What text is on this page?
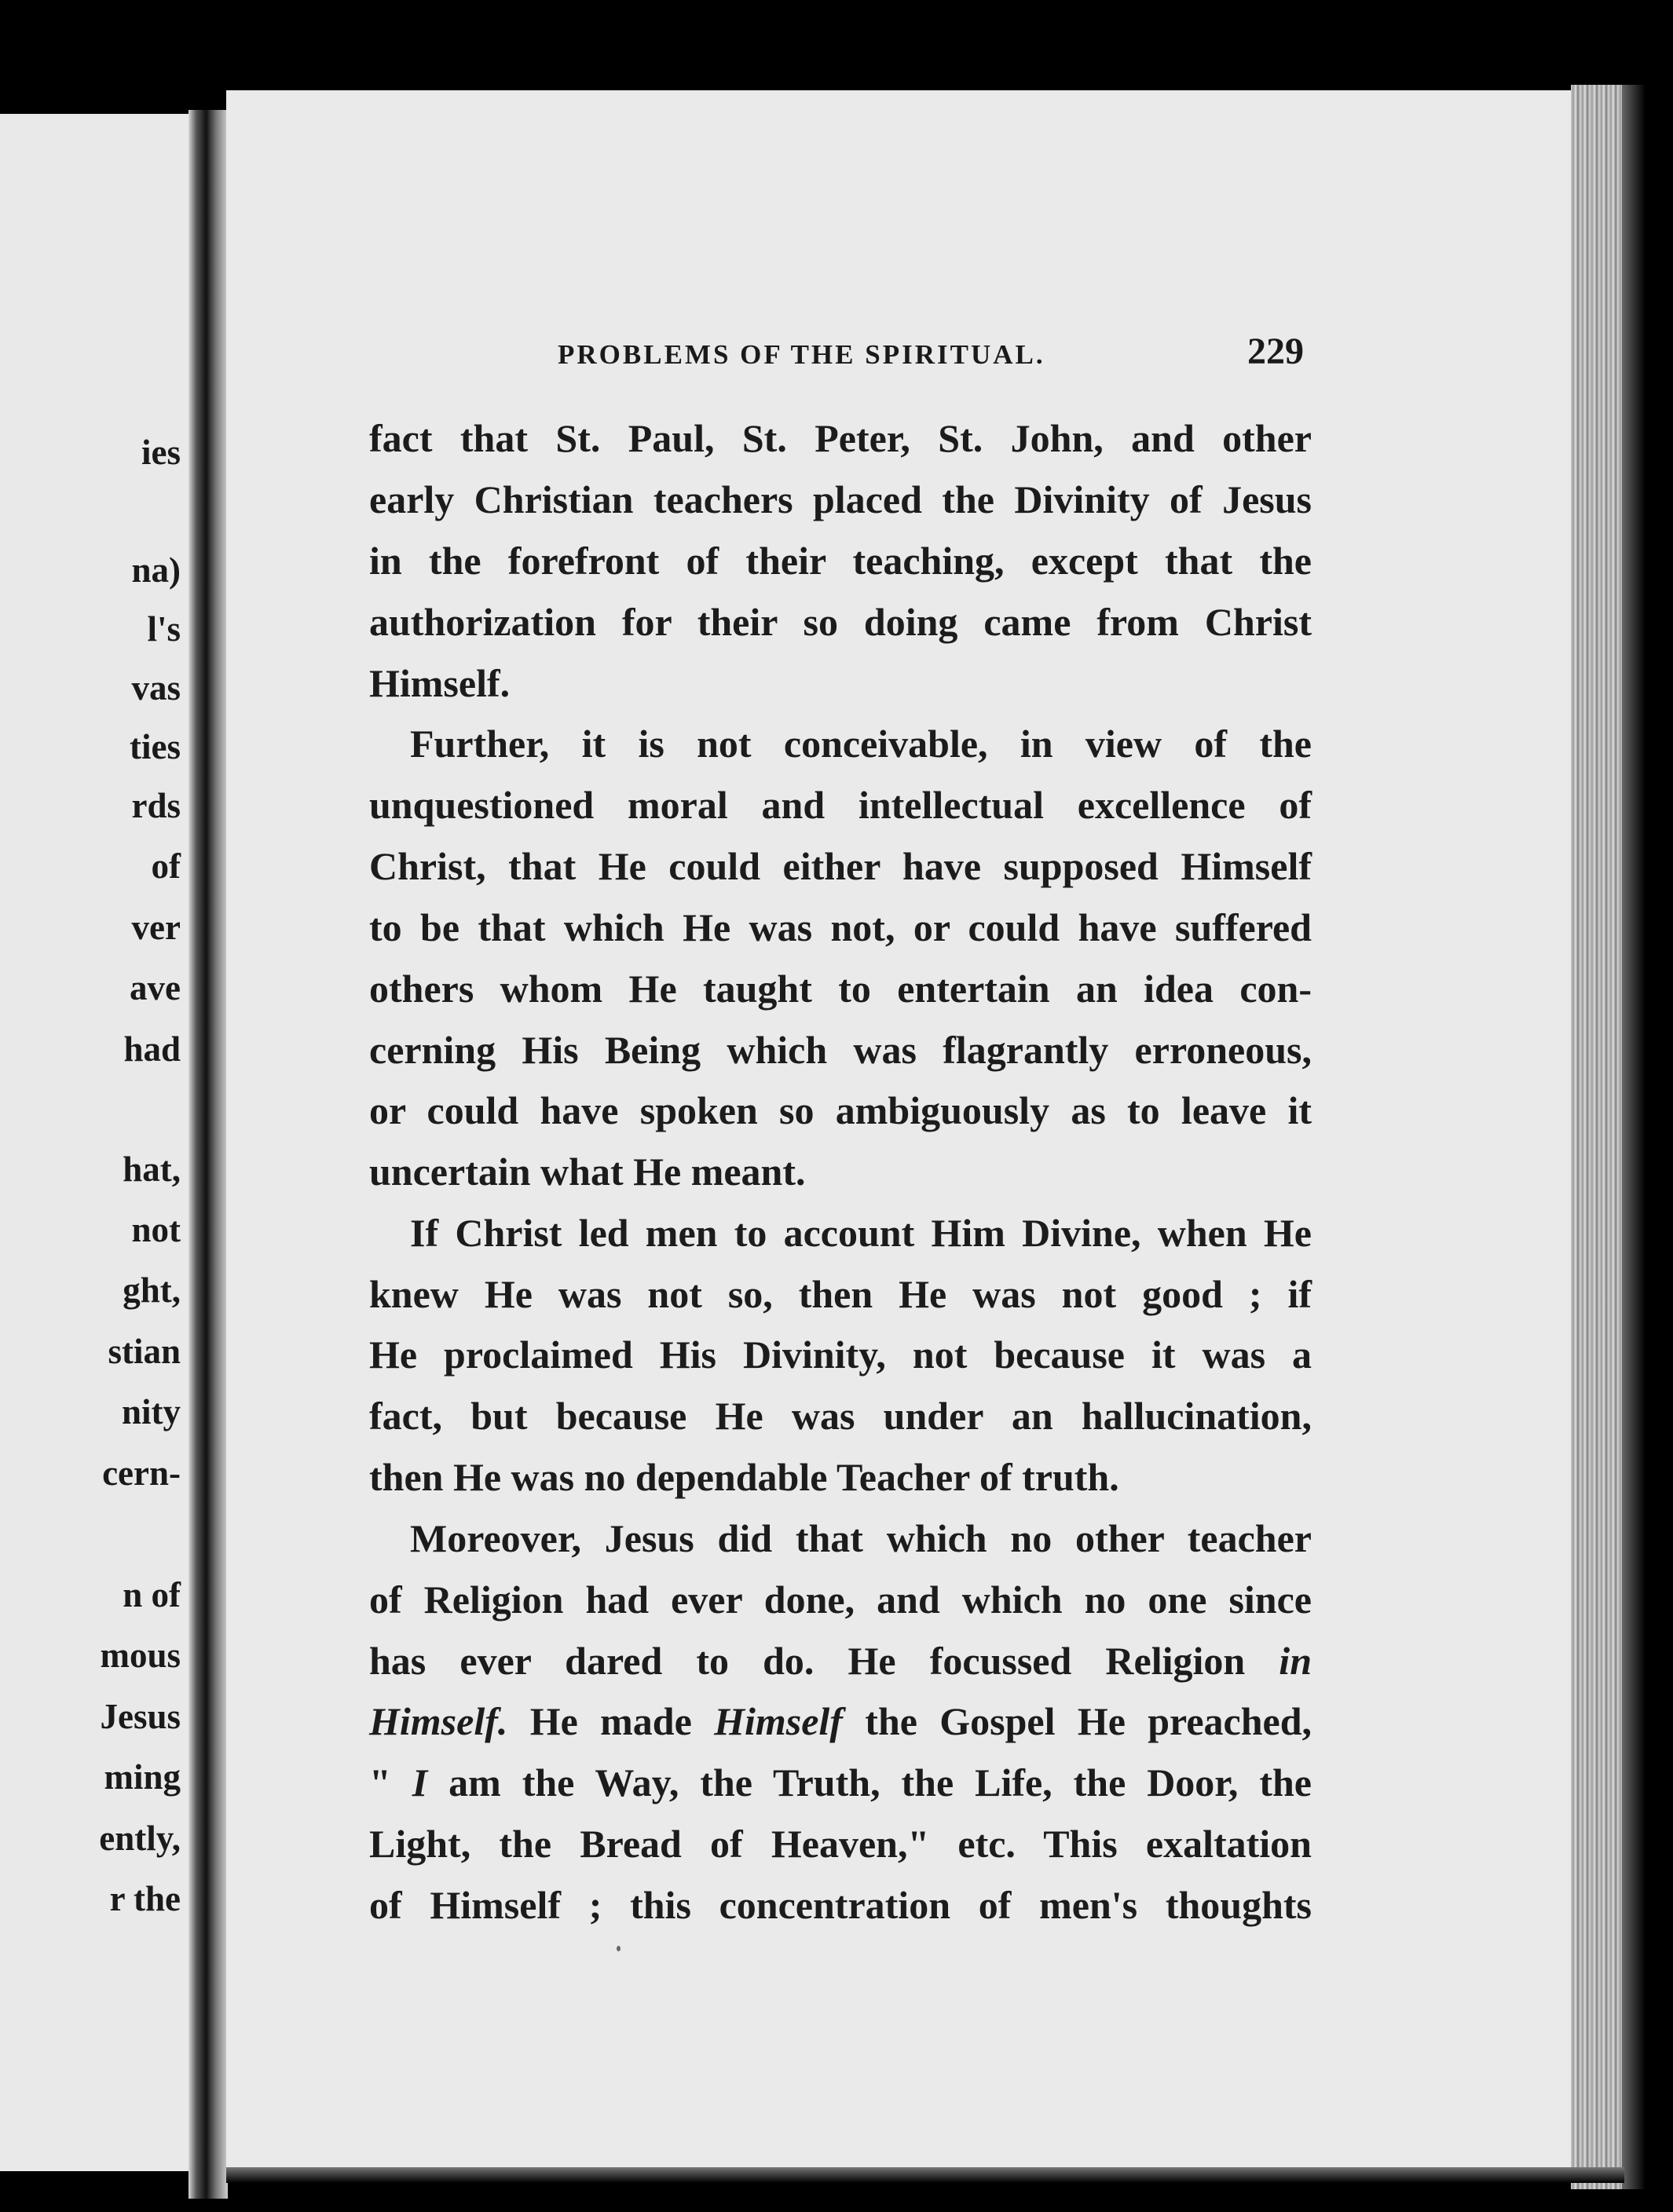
ies
na)
l's
vas
ties
rds
of
ver
ave
had
hat,
not
ght,
stian
nity
cern-
n of
mous
Jesus
ming
ently,
r the
PROBLEMS OF THE SPIRITUAL.	229
fact that St. Paul, St. Peter, St. John, and other
early Christian teachers placed the Divinity of Jesus
in the forefront of their teaching, except that the
authorization for their so doing came from Christ
Himself.
Further, it is not conceivable, in view of the
unquestioned moral and intellectual excellence of
Christ, that He could either have supposed Himself
to be that which He was not, or could have suffered
others whom He taught to entertain an idea con-
cerning His Being which was flagrantly erroneous,
or could have spoken so ambiguously as to leave it
uncertain what He meant.
If Christ led men to account Him Divine, when He
knew He was not so, then He was not good ; if
He proclaimed His Divinity, not because it was a
fact, but because He was under an hallucination,
then He was no dependable Teacher of truth.
Moreover, Jesus did that which no other teacher
of Religion had ever done, and which no one since
has ever dared to do. He focussed Religion in
Himself. He made Himself the Gospel He preached,
" I am the Way, the Truth, the Life, the Door, the
Light, the Bread of Heaven," etc. This exaltation
of Himself ; this concentration of men's thoughts
